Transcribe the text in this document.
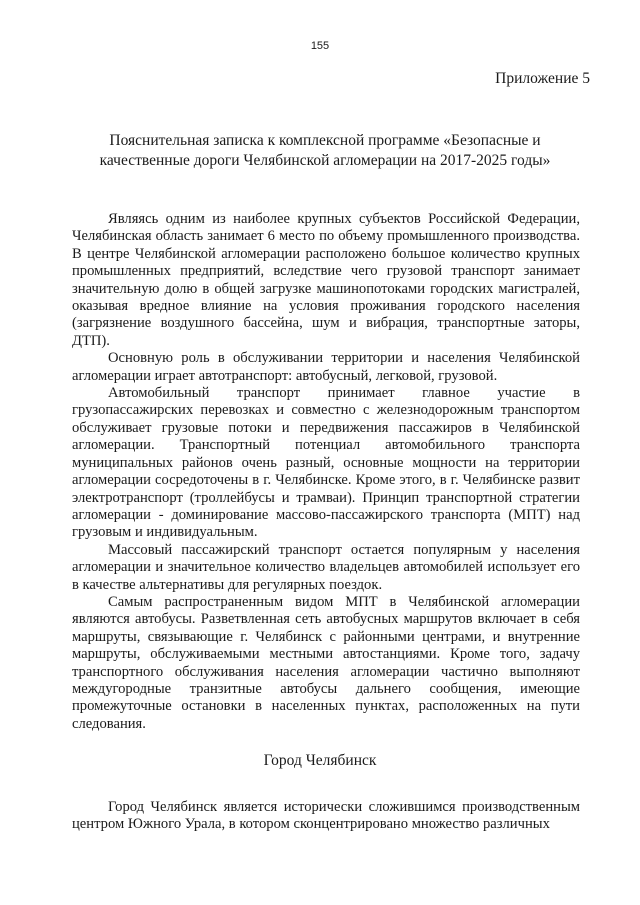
155
Приложение 5
Пояснительная записка к комплексной программе «Безопасные и качественные дороги Челябинской агломерации на 2017-2025 годы»

Являясь одним из наиболее крупных субъектов Российской Федерации, Челябинская область занимает 6 место по объему промышленного производства. В центре Челябинской агломерации расположено большое количество крупных промышленных предприятий, вследствие чего грузовой транспорт занимает значительную долю в общей загрузке машинопотоками городских магистралей, оказывая вредное влияние на условия проживания городского населения (загрязнение воздушного бассейна, шум и вибрация, транспортные заторы, ДТП).

Основную роль в обслуживании территории и населения Челябинской агломерации играет автотранспорт: автобусный, легковой, грузовой.

Автомобильный транспорт принимает главное участие в грузопассажирских перевозках и совместно с железнодорожным транспортом обслуживает грузовые потоки и передвижения пассажиров в Челябинской агломерации. Транспортный потенциал автомобильного транспорта муниципальных районов очень разный, основные мощности на территории агломерации сосредоточены в г. Челябинске. Кроме этого, в г. Челябинске развит электротранспорт (троллейбусы и трамваи). Принцип транспортной стратегии агломерации - доминирование массово-пассажирского транспорта (МПТ) над грузовым и индивидуальным.

Массовый пассажирский транспорт остается популярным у населения агломерации и значительное количество владельцев автомобилей использует его в качестве альтернативы для регулярных поездок.

Самым распространенным видом МПТ в Челябинской агломерации являются автобусы. Разветвленная сеть автобусных маршрутов включает в себя маршруты, связывающие г. Челябинск с районными центрами, и внутренние маршруты, обслуживаемыми местными автостанциями. Кроме того, задачу транспортного обслуживания населения агломерации частично выполняют междугородные транзитные автобусы дальнего сообщения, имеющие промежуточные остановки в населенных пунктах, расположенных на пути следования.

Город Челябинск

Город Челябинск является исторически сложившимся производственным центром Южного Урала, в котором сконцентрировано множество различных
